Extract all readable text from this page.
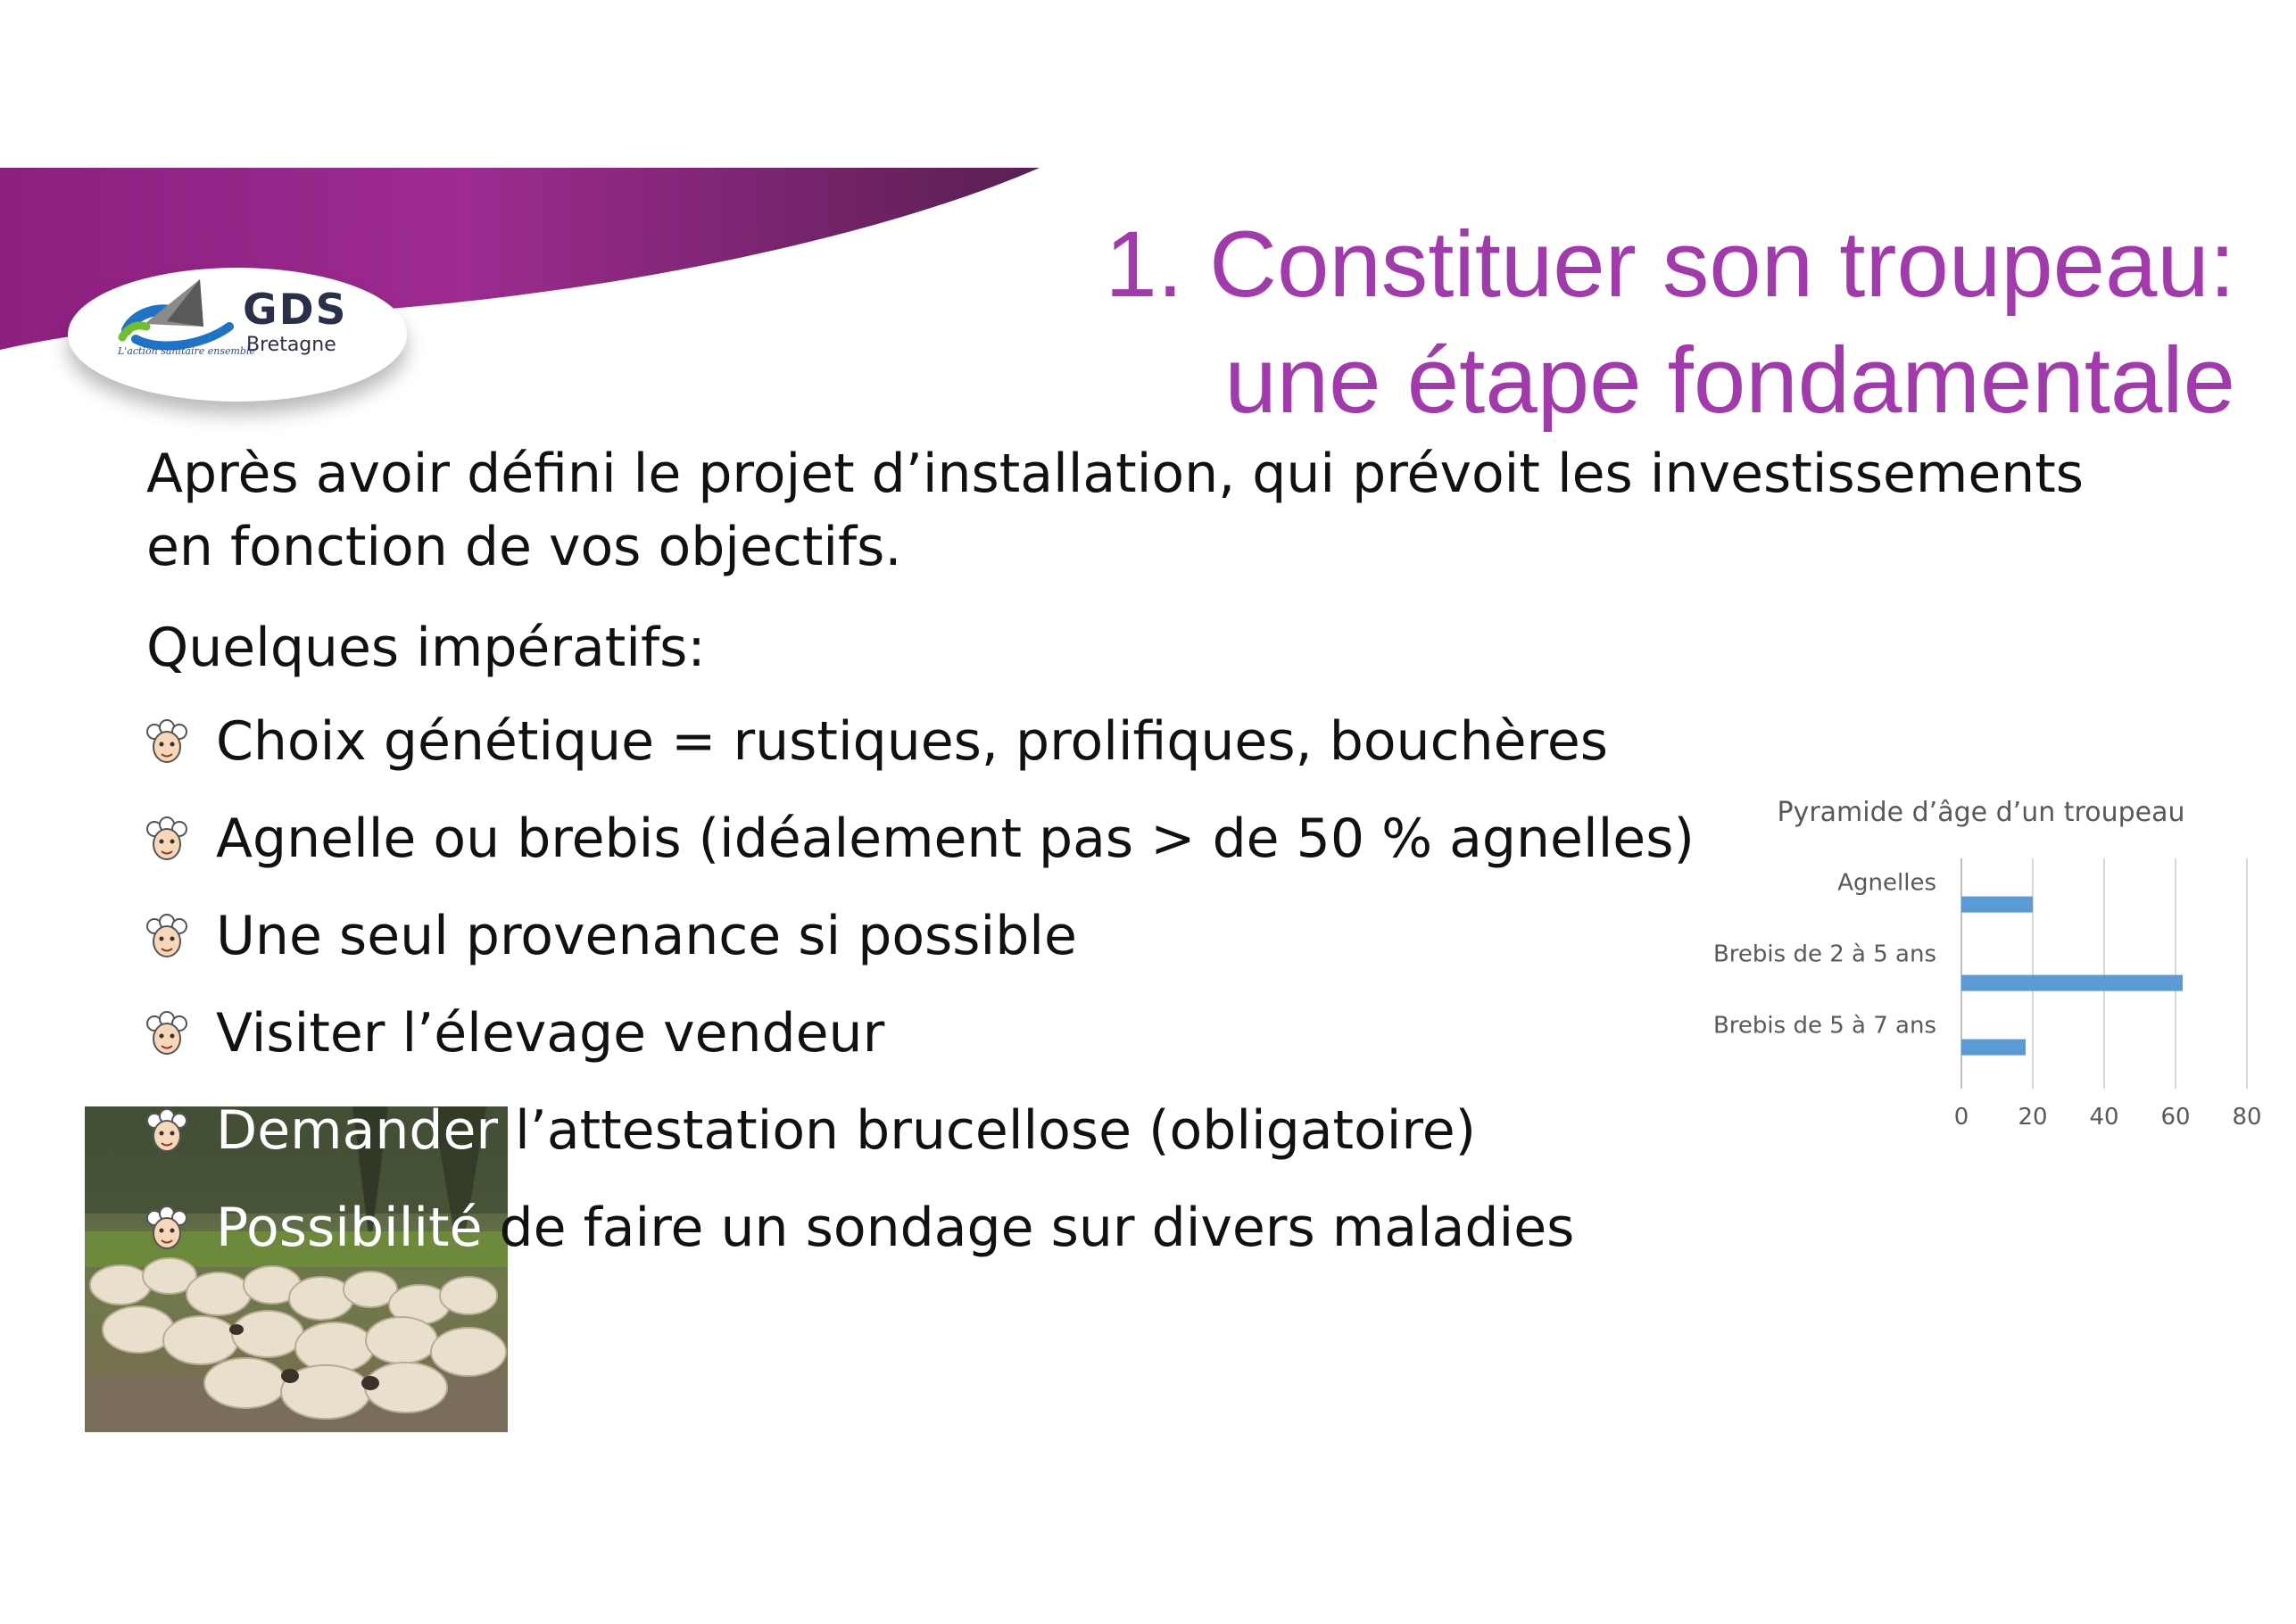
GDS
Bretagne
L'action sanitaire ensemble
1. Constituer son troupeau:
une étape fondamentale
Après avoir défini le projet d’installation, qui prévoit les investissements
en fonction de vos objectifs.
Quelques impératifs:
Choix génétique = rustiques, prolifiques, bouchères
Agnelle ou brebis (idéalement pas > de 50 % agnelles)
Une seul provenance si possible
Visiter l’élevage vendeur
Demander l’attestation brucellose (obligatoire)
Possibilité de faire un sondage sur divers maladies
Pyramide d’âge d’un troupeau
Agnelles
Brebis de 2 à 5 ans
Brebis de 5 à 7 ans
0 20 40 60 80
